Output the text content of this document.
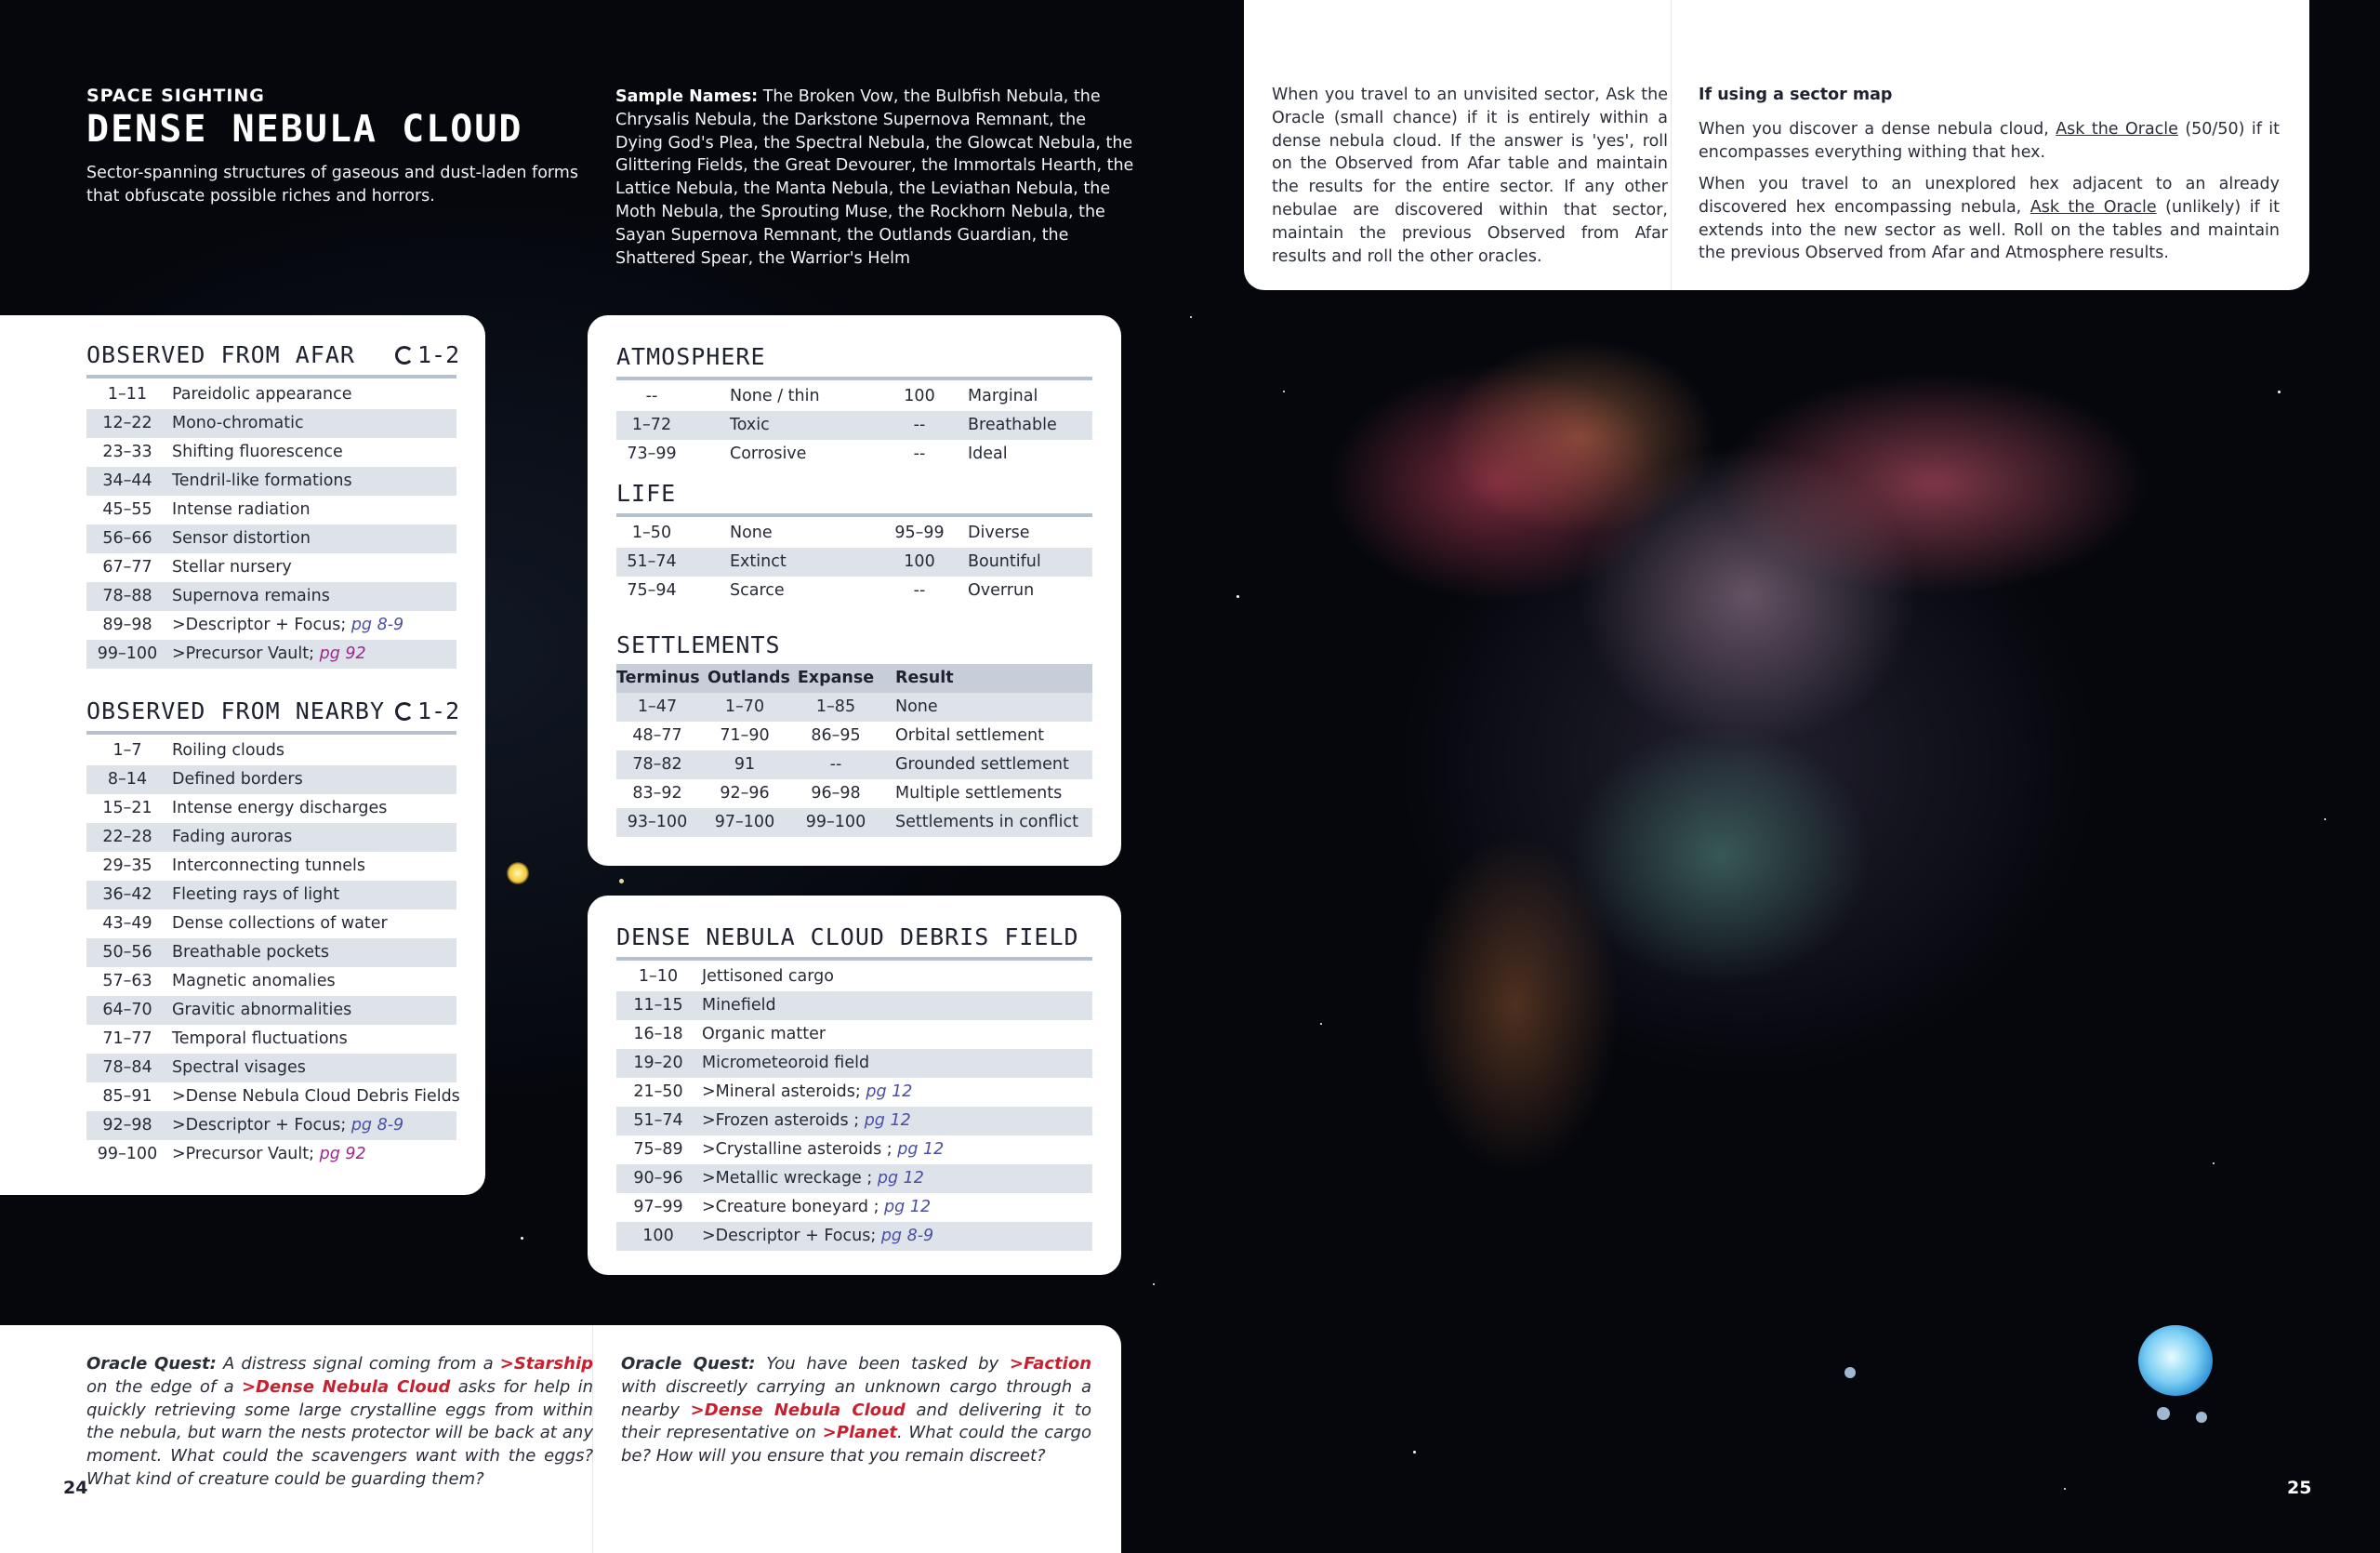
SPACE SIGHTING
DENSE NEBULA CLOUD
Sector-spanning structures of gaseous and dust-laden forms that obfuscate possible riches and horrors.
Sample Names: The Broken Vow, the Bulbfish Nebula, the Chrysalis Nebula, the Darkstone Supernova Remnant, the Dying God's Plea, the Spectral Nebula, the Glowcat Nebula, the Glittering Fields, the Great Devourer, the Immortals Hearth, the Lattice Nebula, the Manta Nebula, the Leviathan Nebula, the Moth Nebula, the Sprouting Muse, the Rockhorn Nebula, the Sayan Supernova Remnant, the Outlands Guardian, the Shattered Spear, the Warrior's Helm
When you travel to an unvisited sector, Ask the Oracle (small chance) if it is entirely within a dense nebula cloud. If the answer is 'yes', roll on the Observed from Afar table and maintain the results for the entire sector. If any other nebulae are discovered within that sector, maintain the previous Observed from Afar results and roll the other oracles.
If using a sector map
When you discover a dense nebula cloud, Ask the Oracle (50/50) if it encompasses everything withing that hex.
When you travel to an unexplored hex adjacent to an already discovered hex encompassing nebula, Ask the Oracle (unlikely) if it extends into the new sector as well. Roll on the tables and maintain the previous Observed from Afar and Atmosphere results.
OBSERVED FROM AFAR	1-2
1–11	Pareidolic appearance
12–22	Mono-chromatic
23–33	Shifting fluorescence
34–44	Tendril-like formations
45–55	Intense radiation
56–66	Sensor distortion
67–77	Stellar nursery
78–88	Supernova remains
89–98	>Descriptor + Focus; pg 8-9
99–100 >Precursor Vault; pg 92
OBSERVED FROM NEARBY	1-2
1–7	Roiling clouds
8–14	Defined borders
15–21	Intense energy discharges
22–28	Fading auroras
29–35	Interconnecting tunnels
36–42	Fleeting rays of light
43–49	Dense collections of water
50–56	Breathable pockets
57–63	Magnetic anomalies
64–70	Gravitic abnormalities
71–77	Temporal fluctuations
78–84	Spectral visages
85–91	>Dense Nebula Cloud Debris Fields
92–98	>Descriptor + Focus; pg 8-9
99–100 >Precursor Vault; pg 92
ATMOSPHERE
--	None / thin	100	Marginal
1–72	Toxic	--	Breathable
73–99	Corrosive	--	Ideal
LIFE
1–50	None	95–99	Diverse
51–74	Extinct	100	Bountiful
75–94	Scarce	--	Overrun
SETTLEMENTS
Terminus Outlands Expanse	Result
1–47	1–70	1–85	None
48–77	71–90	86–95	Orbital settlement
78–82	91	--	Grounded settlement
83–92	92–96	96–98	Multiple settlements
93–100	97–100	99–100	Settlements in conflict
DENSE NEBULA CLOUD DEBRIS FIELD
1–10	Jettisoned cargo
11–15	Minefield
16–18	Organic matter
19–20	Micrometeoroid field
21–50	>Mineral asteroids; pg 12
51–74	>Frozen asteroids ; pg 12
75–89	>Crystalline asteroids ; pg 12
90–96	>Metallic wreckage ; pg 12
97–99	>Creature boneyard ; pg 12
100	>Descriptor + Focus; pg 8-9
Oracle Quest: A distress signal coming from a >Starship on the edge of a >Dense Nebula Cloud asks for help in quickly retrieving some large crystalline eggs from within the nebula, but warn the nests protector will be back at any moment. What could the scavengers want with the eggs? What kind of creature could be guarding them?
Oracle Quest: You have been tasked by >Faction with discreetly carrying an unknown cargo through a nearby >Dense Nebula Cloud and delivering it to their representative on >Planet. What could the cargo be? How will you ensure that you remain discreet?
24	25
